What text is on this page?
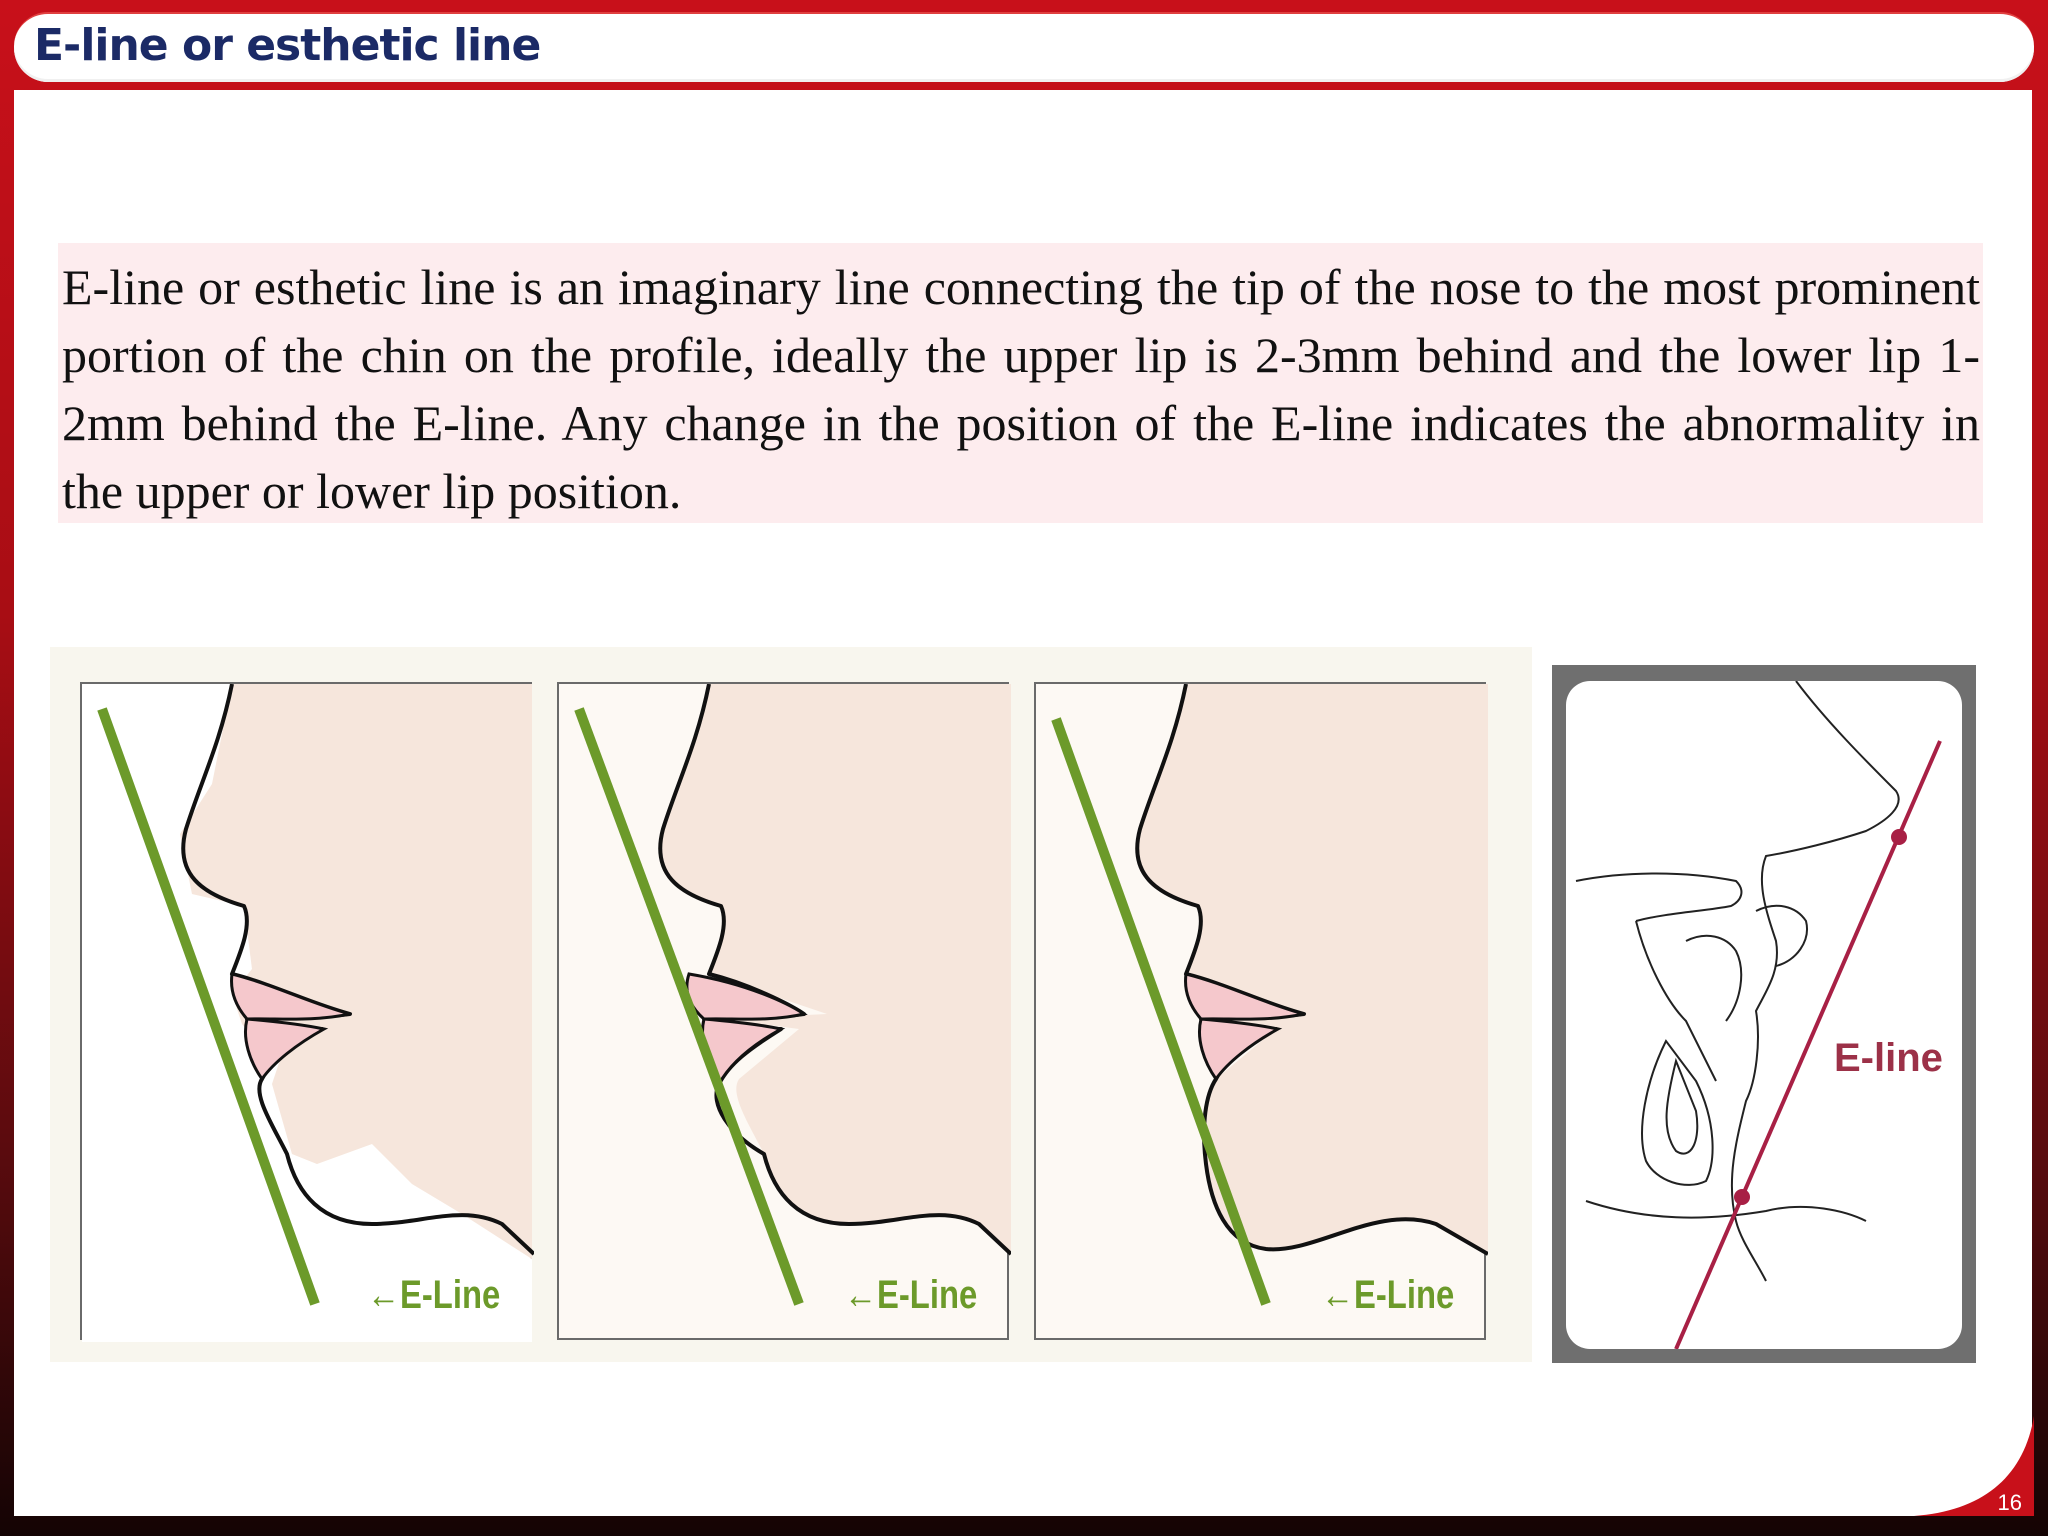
E-line or esthetic line

E-line or esthetic line is an imaginary line connecting the tip of the nose to the most prominent portion of the chin on the profile, ideally the upper lip is 2-3mm behind and the lower lip 1-2mm behind the E-line. Any change in the position of the E-line indicates the abnormality in the upper or lower lip position.

←E-Line	←E-Line	←E-Line
E-line
16
